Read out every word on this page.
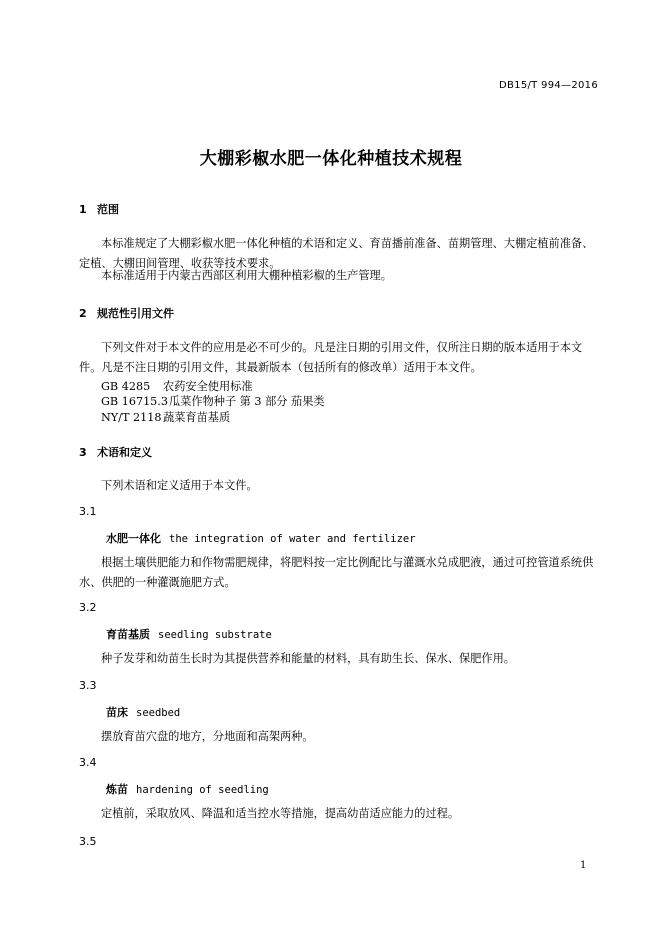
DB15/T 994—2016
大棚彩椒水肥一体化种植技术规程
1 范围
本标准规定了大棚彩椒水肥一体化种植的术语和定义、育苗播前准备、苗期管理、大棚定植前准备、定植、大棚田间管理、收获等技术要求。
本标准适用于内蒙古西部区利用大棚种植彩椒的生产管理。
2 规范性引用文件
下列文件对于本文件的应用是必不可少的。凡是注日期的引用文件，仅所注日期的版本适用于本文件。凡是不注日期的引用文件，其最新版本（包括所有的修改单）适用于本文件。
GB 4285 农药安全使用标准
GB 16715.3瓜菜作物种子 第 3 部分 茄果类
NY/T 2118 蔬菜育苗基质
3 术语和定义
下列术语和定义适用于本文件。
3.1
水肥一体化 the integration of water and fertilizer
根据土壤供肥能力和作物需肥规律，将肥料按一定比例配比与灌溉水兑成肥液，通过可控管道系统供水、供肥的一种灌溉施肥方式。
3.2
育苗基质 seedling substrate
种子发芽和幼苗生长时为其提供营养和能量的材料，具有助生长、保水、保肥作用。
3.3
苗床 seedbed
摆放育苗穴盘的地方，分地面和高架两种。
3.4
炼苗 hardening of seedling
定植前，采取放风、降温和适当控水等措施，提高幼苗适应能力的过程。
3.5
1
